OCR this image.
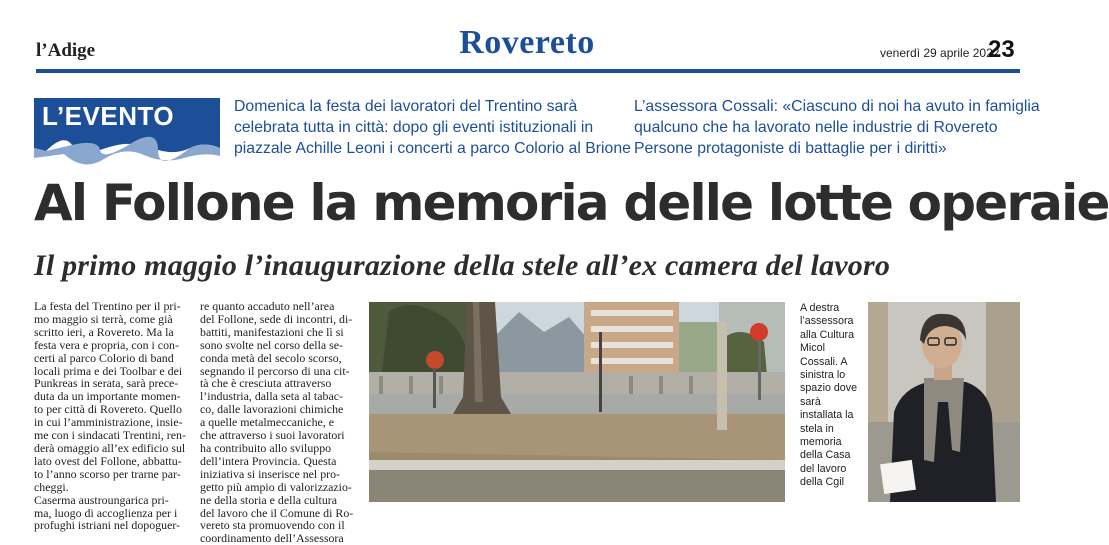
l’Adige	Rovereto	venerdì 29 aprile 2022
23
L’EVENTO	Domenica la festa dei lavoratori del Trentino sarà
celebrata tutta in città: dopo gli eventi istituzionali in
piazzale Achille Leoni i concerti a parco Colorio al Brione
L’assessora Cossali: «Ciascuno di noi ha avuto in famiglia
qualcuno che ha lavorato nelle industrie di Rovereto
Persone protagoniste di battaglie per i diritti»
Al Follone la memoria delle lotte operaie
Il primo maggio l’inaugurazione della stele all’ex camera del lavoro
La festa del Trentino per il pri-
mo maggio si terrà, come già
scritto ieri, a Rovereto. Ma la
festa vera e propria, con i con-
certi al parco Colorio di band
locali prima e dei Toolbar e dei
Punkreas in serata, sarà prece-
duta da un importante momen-
to per città di Rovereto. Quello
in cui l’amministrazione, insie-
me con i sindacati Trentini, ren-
derà omaggio all’ex edificio sul
lato ovest del Follone, abbattu-
to l’anno scorso per trarne par-
cheggi.
Caserma austroungarica pri-
ma, luogo di accoglienza per i
profughi istriani nel dopoguer-
re quanto accaduto nell’area
del Follone, sede di incontri, di-
battiti, manifestazioni che lì si
sono svolte nel corso della se-
conda metà del secolo scorso,
segnando il percorso di una cit-
tà che è cresciuta attraverso
l’industria, dalla seta al tabac-
co, dalle lavorazioni chimiche
a quelle metalmeccaniche, e
che attraverso i suoi lavoratori
ha contribuito allo sviluppo
dell’intera Provincia. Questa
iniziativa si inserisce nel pro-
getto più ampio di valorizzazio-
ne della storia e della cultura
del lavoro che il Comune di Ro-
vereto sta promuovendo con il
coordinamento dell’Assessora
A destra
l’assessora
alla Cultura
Micol
Cossali. A
sinistra lo
spazio dove
sarà
installata la
stela in
memoria
della Casa
del lavoro
della Cgil
